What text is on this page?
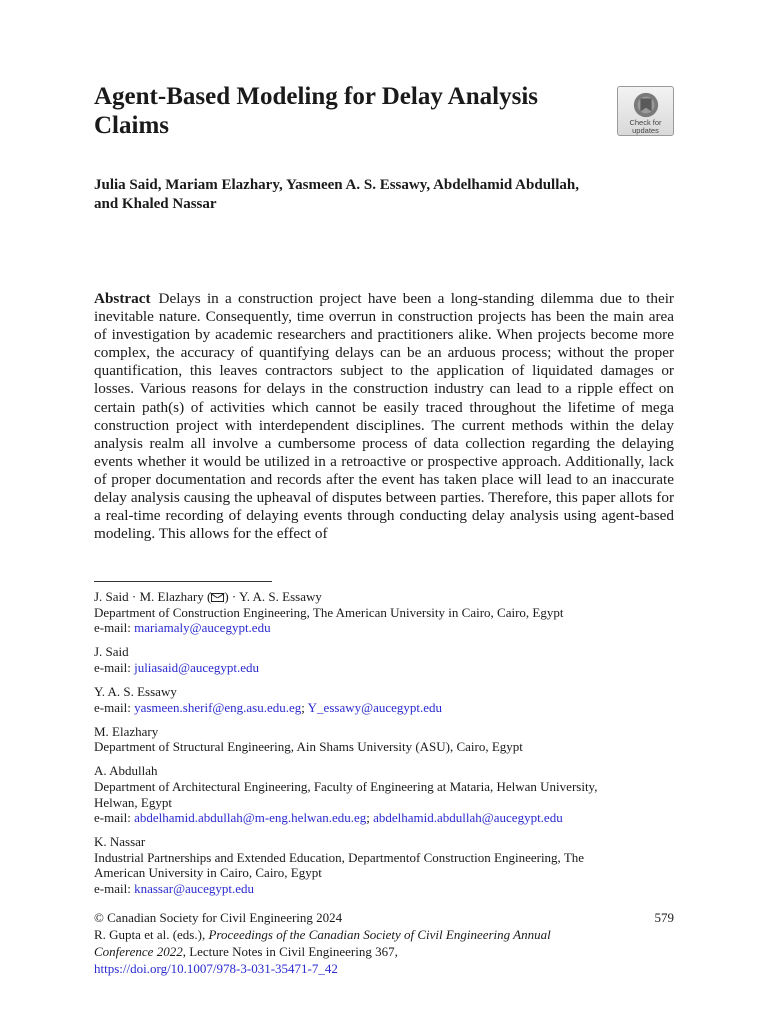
Agent-Based Modeling for Delay Analysis Claims	Check for
updates
Julia Said, Mariam Elazhary, Yasmeen A. S. Essawy, Abdelhamid Abdullah,
and Khaled Nassar

Abstract Delays in a construction project have been a long-standing dilemma due to their inevitable nature. Consequently, time overrun in construction projects has been the main area of investigation by academic researchers and practitioners alike. When projects become more complex, the accuracy of quantifying delays can be an arduous process; without the proper quantification, this leaves contractors subject to the application of liquidated damages or losses. Various reasons for delays in the construction industry can lead to a ripple effect on certain path(s) of activities which cannot be easily traced throughout the lifetime of mega construction project with interdependent disciplines. The current methods within the delay analysis realm all involve a cumbersome process of data collection regarding the delaying events whether it would be utilized in a retroactive or prospective approach. Additionally, lack of proper documentation and records after the event has taken place will lead to an inaccurate delay analysis causing the upheaval of disputes between parties. Therefore, this paper allots for a real-time recording of delaying events through conducting delay analysis using agent-based modeling. This allows for the effect of

J. Said · M. Elazhary ( ) · Y. A. S. Essawy
Department of Construction Engineering, The American University in Cairo, Cairo, Egypt
e-mail: mariamaly@aucegypt.edu
J. Said
e-mail: juliasaid@aucegypt.edu
Y. A. S. Essawy
e-mail: yasmeen.sherif@eng.asu.edu.eg; Y_essawy@aucegypt.edu
M. Elazhary
Department of Structural Engineering, Ain Shams University (ASU), Cairo, Egypt
A. Abdullah
Department of Architectural Engineering, Faculty of Engineering at Mataria, Helwan University,
Helwan, Egypt
e-mail: abdelhamid.abdullah@m-eng.helwan.edu.eg; abdelhamid.abdullah@aucegypt.edu
K. Nassar
Industrial Partnerships and Extended Education, Departmentof Construction Engineering, The
American University in Cairo, Cairo, Egypt
e-mail: knassar@aucegypt.edu
© Canadian Society for Civil Engineering 2024	579
R. Gupta et al. (eds.), Proceedings of the Canadian Society of Civil Engineering Annual
Conference 2022, Lecture Notes in Civil Engineering 367,
https://doi.org/10.1007/978-3-031-35471-7_42
